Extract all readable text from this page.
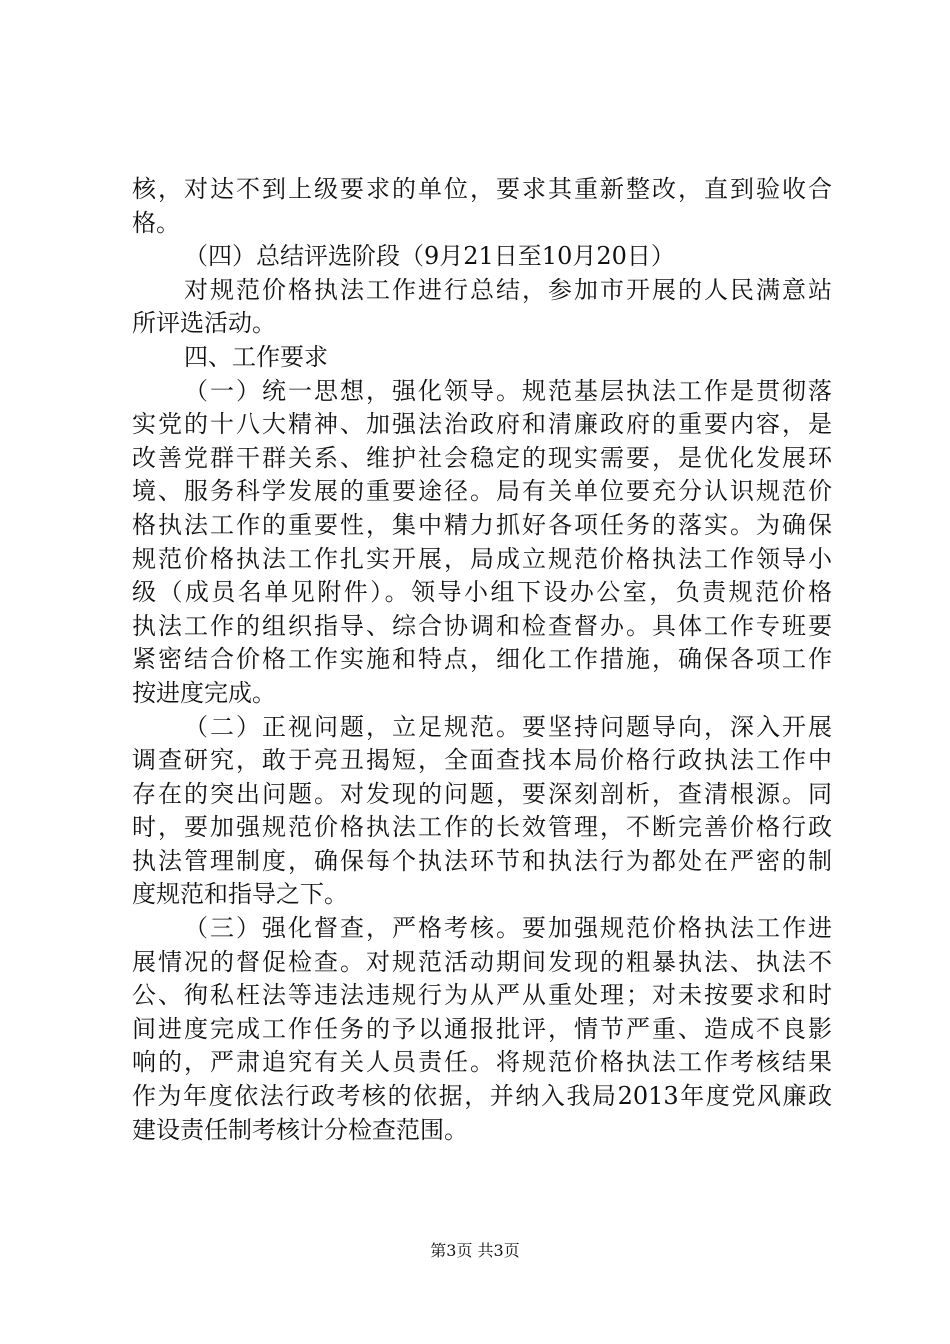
核，对达不到上级要求的单位，要求其重新整改，直到验收合
格。
（四）总结评选阶段（9月21日至10月20日）
对规范价格执法工作进行总结，参加市开展的人民满意站
所评选活动。
四、工作要求
（一）统一思想，强化领导。规范基层执法工作是贯彻落
实党的十八大精神、加强法治政府和清廉政府的重要内容，是
改善党群干群关系、维护社会稳定的现实需要，是优化发展环
境、服务科学发展的重要途径。局有关单位要充分认识规范价
格执法工作的重要性，集中精力抓好各项任务的落实。为确保
规范价格执法工作扎实开展，局成立规范价格执法工作领导小
级（成员名单见附件）。领导小组下设办公室，负责规范价格
执法工作的组织指导、综合协调和检查督办。具体工作专班要
紧密结合价格工作实施和特点，细化工作措施，确保各项工作
按进度完成。
（二）正视问题，立足规范。要坚持问题导向，深入开展
调查研究，敢于亮丑揭短，全面查找本局价格行政执法工作中
存在的突出问题。对发现的问题，要深刻剖析，查清根源。同
时，要加强规范价格执法工作的长效管理，不断完善价格行政
执法管理制度，确保每个执法环节和执法行为都处在严密的制
度规范和指导之下。
（三）强化督查，严格考核。要加强规范价格执法工作进
展情况的督促检查。对规范活动期间发现的粗暴执法、执法不
公、徇私枉法等违法违规行为从严从重处理；对未按要求和时
间进度完成工作任务的予以通报批评，情节严重、造成不良影
响的，严肃追究有关人员责任。将规范价格执法工作考核结果
作为年度依法行政考核的依据，并纳入我局2013年度党风廉政
建设责任制考核计分检查范围。
第3页 共3页
